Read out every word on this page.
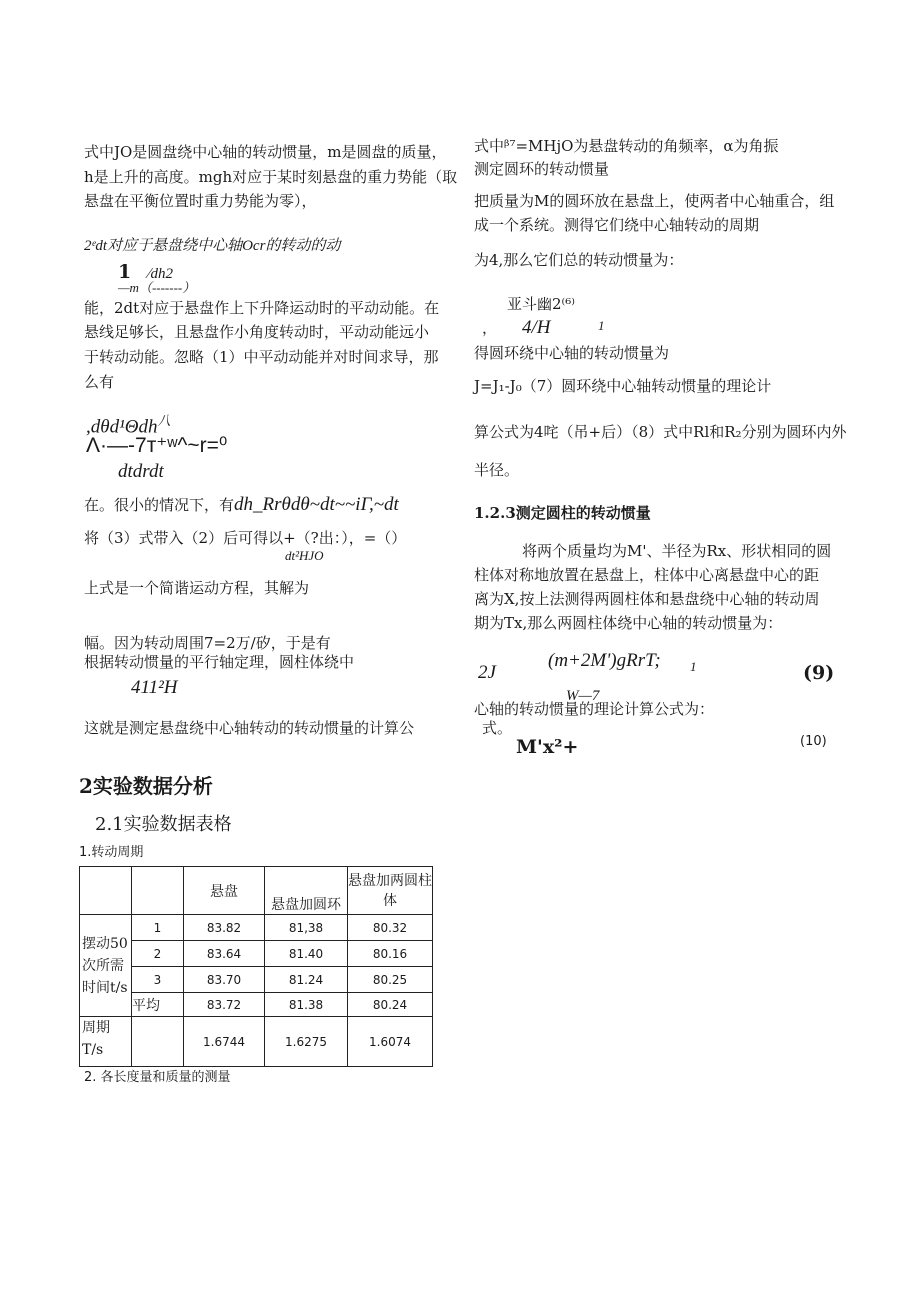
式中JO是圆盘绕中心轴的转动惯量，m是圆盘的质量，
h是上升的高度。mgh对应于某时刻悬盘的重力势能（取
悬盘在平衡位置时重力势能为零），
2ᵉdt对应于悬盘绕中心轴Ocr的转动的动
1 ∕dh2
—m（-------）
能，2dt对应于悬盘作上下升降运动时的平动动能。在
悬线足够长，且悬盘作小角度转动时，平动动能远小
于转动动能。忽略（1）中平动动能并对时间求导，那
么有
,dθd¹Θdh$^八$
Λ·—-7т⁺ʷ^~r=⁰
dtdrdt
在。很小的情况下，有dh_Rrθdθ~dt~~iΓ,~dt
将（3）式带入（2）后可得以+（?出：），=（）
dt²HJO
上式是一个简谐运动方程，其解为
幅。因为转动周围7=2万∕矽，于是有
根据转动惯量的平行轴定理，圆柱体绕中
411²H
这就是测定悬盘绕中心轴转动的转动惯量的计算公
2实验数据分析
2.1实验数据表格
1.转动周期
		悬盘	悬盘加圆环	悬盘加两圆柱体
摆动50次所需时间t/s	1	83.82	81,38	80.32
	2	83.64	81.40	80.16
	3	83.70	81.24	80.25
	平均	83.72	81.38	80.24
周期T/s		1.6744	1.6275	1.6074
2. 各长度量和质量的测量
式中ᵝ⁷=MHjO为悬盘转动的角频率，α为角振
测定圆环的转动惯量
把质量为M的圆环放在悬盘上，使两者中心轴重合，组
成一个系统。测得它们绕中心轴转动的周期
为4,那么它们总的转动惯量为：
亚斗幽2⁽⁶⁾
， 4/H	1
得圆环绕中心轴的转动惯量为
J=J₁-J₀（7）圆环绕中心轴转动惯量的理论计
算公式为4咤（吊+后）（8）式中Rl和R₂分别为圆环内外
半径。
1.2.3测定圆柱的转动惯量
将两个质量均为M'、半径为Rx、形状相同的圆
柱体对称地放置在悬盘上，柱体中心离悬盘中心的距
离为X,按上法测得两圆柱体和悬盘绕中心轴的转动周
期为Tx,那么两圆柱体绕中心轴的转动惯量为：
2J
(m+2M')gRrT; 1	(9)
W—7
心轴的转动惯量的理论计算公式为：
式。
M'x²+	(10)
